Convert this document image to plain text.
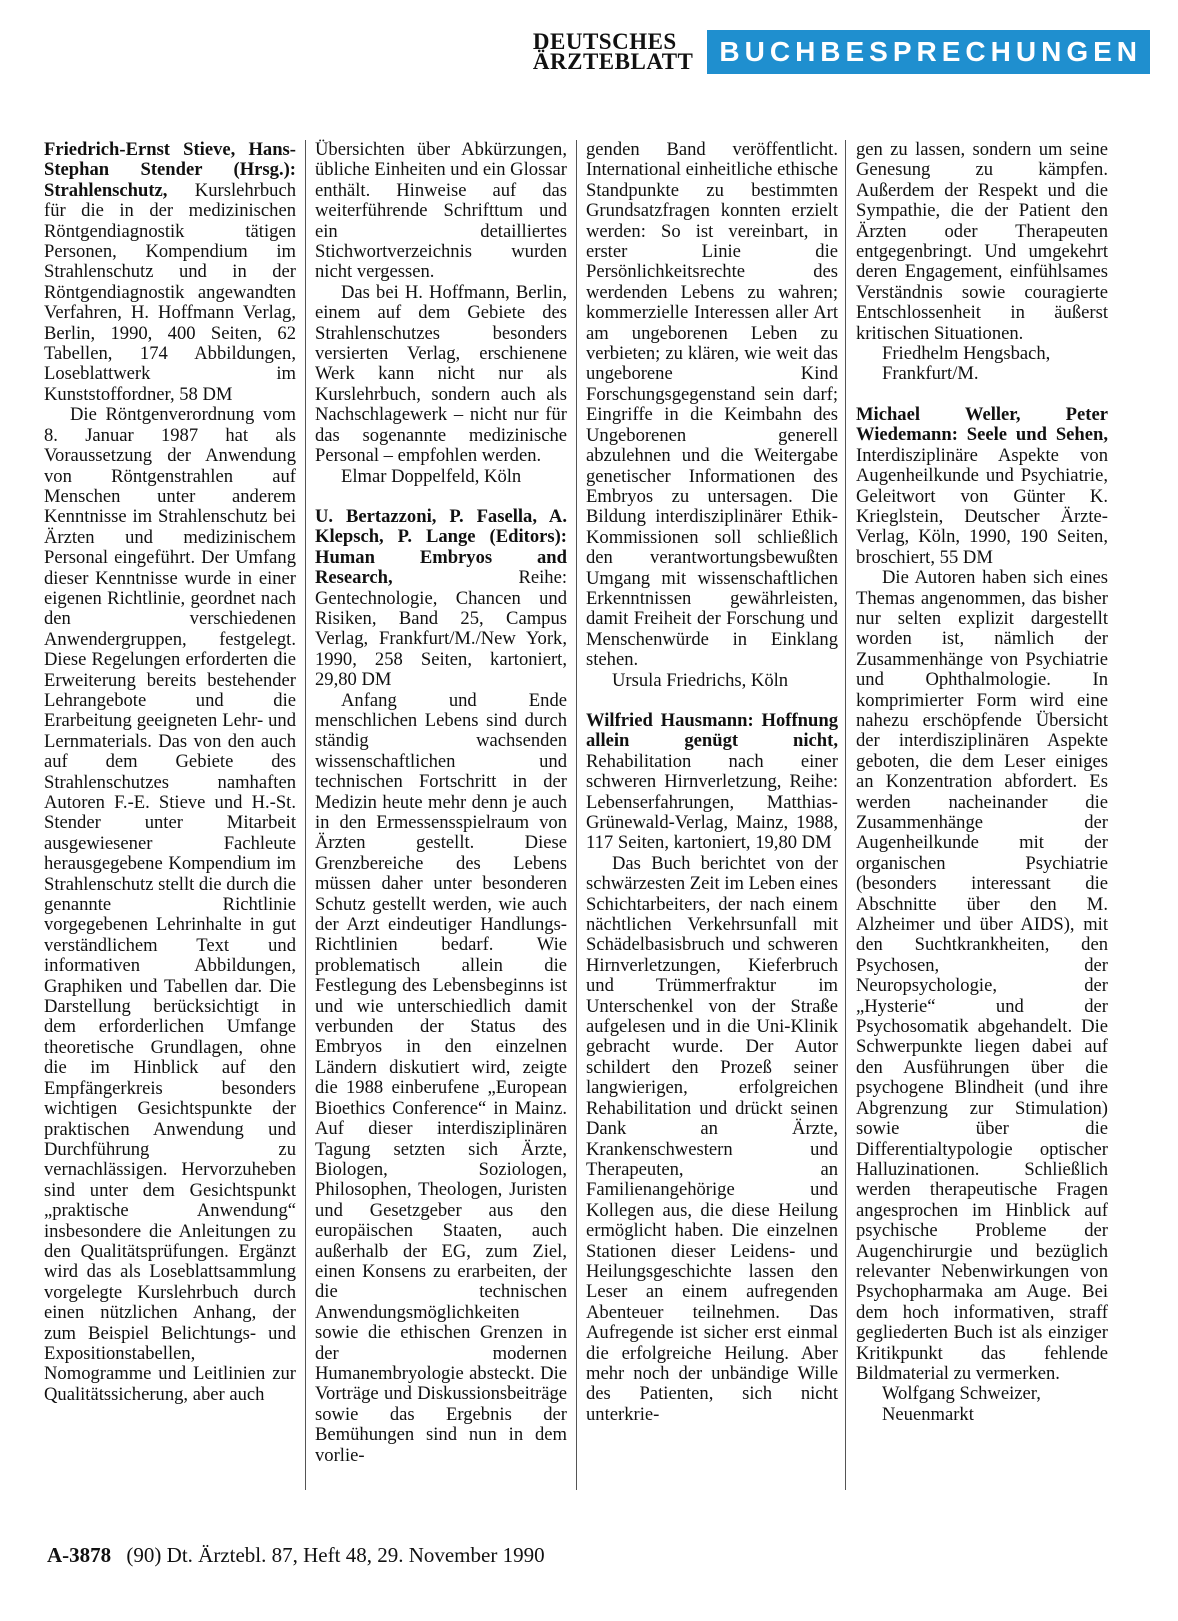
DEUTSCHES
ÄRZTEBLATT BUCHBESPRECHUNGEN

Friedrich-Ernst Stieve, Hans-Stephan Stender (Hrsg.): Strahlenschutz, Kurslehrbuch für die in der medizinischen Röntgendiagnostik tätigen Personen, Kompendium im Strahlenschutz und in der Röntgendiagnostik angewandten Verfahren, H. Hoffmann Verlag, Berlin, 1990, 400 Seiten, 62 Tabellen, 174 Abbildungen, Loseblattwerk im Kunststoffordner, 58 DM

Die Röntgenverordnung vom 8. Januar 1987 hat als Voraussetzung der Anwendung von Röntgenstrahlen auf Menschen unter anderem Kenntnisse im Strahlenschutz bei Ärzten und medizinischem Personal eingeführt. Der Umfang dieser Kenntnisse wurde in einer eigenen Richtlinie, geordnet nach den verschiedenen Anwendergruppen, festgelegt. Diese Regelungen erforderten die Erweiterung bereits bestehender Lehrangebote und die Erarbeitung geeigneten Lehr- und Lernmaterials. Das von den auch auf dem Gebiete des Strahlenschutzes namhaften Autoren F.-E. Stieve und H.-St. Stender unter Mitarbeit ausgewiesener Fachleute herausgegebene Kompendium im Strahlenschutz stellt die durch die genannte Richtlinie vorgegebenen Lehrinhalte in gut verständlichem Text und informativen Abbildungen, Graphiken und Tabellen dar. Die Darstellung berücksichtigt in dem erforderlichen Umfange theoretische Grundlagen, ohne die im Hinblick auf den Empfängerkreis besonders wichtigen Gesichtspunkte der praktischen Anwendung und Durchführung zu vernachlässigen. Hervorzuheben sind unter dem Gesichtspunkt „praktische Anwendung“ insbesondere die Anleitungen zu den Qualitätsprüfungen. Ergänzt wird das als Loseblattsammlung vorgelegte Kurslehrbuch durch einen nützlichen Anhang, der zum Beispiel Belichtungs- und Expositionstabellen, Nomogramme und Leitlinien zur Qualitätssicherung, aber auch

Übersichten über Abkürzungen, übliche Einheiten und ein Glossar enthält. Hinweise auf das weiterführende Schrifttum und ein detailliertes Stichwortverzeichnis wurden nicht vergessen.

Das bei H. Hoffmann, Berlin, einem auf dem Gebiete des Strahlenschutzes besonders versierten Verlag, erschienene Werk kann nicht nur als Kurslehrbuch, sondern auch als Nachschlagewerk – nicht nur für das sogenannte medizinische Personal – empfohlen werden.

Elmar Doppelfeld, Köln

U. Bertazzoni, P. Fasella, A. Klepsch, P. Lange (Editors): Human Embryos and Research, Reihe: Gentechnologie, Chancen und Risiken, Band 25, Campus Verlag, Frankfurt/M./New York, 1990, 258 Seiten, kartoniert, 29,80 DM

Anfang und Ende menschlichen Lebens sind durch ständig wachsenden wissenschaftlichen und technischen Fortschritt in der Medizin heute mehr denn je auch in den Ermessensspielraum von Ärzten gestellt. Diese Grenzbereiche des Lebens müssen daher unter besonderen Schutz gestellt werden, wie auch der Arzt eindeutiger Handlungs-Richtlinien bedarf. Wie problematisch allein die Festlegung des Lebensbeginns ist und wie unterschiedlich damit verbunden der Status des Embryos in den einzelnen Ländern diskutiert wird, zeigte die 1988 einberufene „European Bioethics Conference“ in Mainz. Auf dieser interdisziplinären Tagung setzten sich Ärzte, Biologen, Soziologen, Philosophen, Theologen, Juristen und Gesetzgeber aus den europäischen Staaten, auch außerhalb der EG, zum Ziel, einen Konsens zu erarbeiten, der die technischen Anwendungsmöglichkeiten sowie die ethischen Grenzen in der modernen Humanembryologie absteckt. Die Vorträge und Diskussionsbeiträge sowie das Ergebnis der Bemühungen sind nun in dem vorlie-

genden Band veröffentlicht. International einheitliche ethische Standpunkte zu bestimmten Grundsatzfragen konnten erzielt werden: So ist vereinbart, in erster Linie die Persönlichkeitsrechte des werdenden Lebens zu wahren; kommerzielle Interessen aller Art am ungeborenen Leben zu verbieten; zu klären, wie weit das ungeborene Kind Forschungsgegenstand sein darf; Eingriffe in die Keimbahn des Ungeborenen generell abzulehnen und die Weitergabe genetischer Informationen des Embryos zu untersagen. Die Bildung interdisziplinärer Ethik-Kommissionen soll schließlich den verantwortungsbewußten Umgang mit wissenschaftlichen Erkenntnissen gewährleisten, damit Freiheit der Forschung und Menschenwürde in Einklang stehen.

Ursula Friedrichs, Köln

Wilfried Hausmann: Hoffnung allein genügt nicht, Rehabilitation nach einer schweren Hirnverletzung, Reihe: Lebenserfahrungen, Matthias-Grünewald-Verlag, Mainz, 1988, 117 Seiten, kartoniert, 19,80 DM

Das Buch berichtet von der schwärzesten Zeit im Leben eines Schichtarbeiters, der nach einem nächtlichen Verkehrsunfall mit Schädelbasisbruch und schweren Hirnverletzungen, Kieferbruch und Trümmerfraktur im Unterschenkel von der Straße aufgelesen und in die Uni-Klinik gebracht wurde. Der Autor schildert den Prozeß seiner langwierigen, erfolgreichen Rehabilitation und drückt seinen Dank an Ärzte, Krankenschwestern und Therapeuten, an Familienangehörige und Kollegen aus, die diese Heilung ermöglicht haben. Die einzelnen Stationen dieser Leidens- und Heilungsgeschichte lassen den Leser an einem aufregenden Abenteuer teilnehmen. Das Aufregende ist sicher erst einmal die erfolgreiche Heilung. Aber mehr noch der unbändige Wille des Patienten, sich nicht unterkrie-

gen zu lassen, sondern um seine Genesung zu kämpfen. Außerdem der Respekt und die Sympathie, die der Patient den Ärzten oder Therapeuten entgegenbringt. Und umgekehrt deren Engagement, einfühlsames Verständnis sowie couragierte Entschlossenheit in äußerst kritischen Situationen.

Friedhelm Hengsbach,

Frankfurt/M.

Michael Weller, Peter Wiedemann: Seele und Sehen, Interdisziplinäre Aspekte von Augenheilkunde und Psychiatrie, Geleitwort von Günter K. Krieglstein, Deutscher Ärzte-Verlag, Köln, 1990, 190 Seiten, broschiert, 55 DM

Die Autoren haben sich eines Themas angenommen, das bisher nur selten explizit dargestellt worden ist, nämlich der Zusammenhänge von Psychiatrie und Ophthalmologie. In komprimierter Form wird eine nahezu erschöpfende Übersicht der interdisziplinären Aspekte geboten, die dem Leser einiges an Konzentration abfordert. Es werden nacheinander die Zusammenhänge der Augenheilkunde mit der organischen Psychiatrie (besonders interessant die Abschnitte über den M. Alzheimer und über AIDS), mit den Suchtkrankheiten, den Psychosen, der Neuropsychologie, der „Hysterie“ und der Psychosomatik abgehandelt. Die Schwerpunkte liegen dabei auf den Ausführungen über die psychogene Blindheit (und ihre Abgrenzung zur Stimulation) sowie über die Differentialtypologie optischer Halluzinationen. Schließlich werden therapeutische Fragen angesprochen im Hinblick auf psychische Probleme der Augenchirurgie und bezüglich relevanter Nebenwirkungen von Psychopharmaka am Auge. Bei dem hoch informativen, straff gegliederten Buch ist als einziger Kritikpunkt das fehlende Bildmaterial zu vermerken.

Wolfgang Schweizer,

Neuenmarkt

A-3878 (90) Dt. Ärztebl. 87, Heft 48, 29. November 1990
